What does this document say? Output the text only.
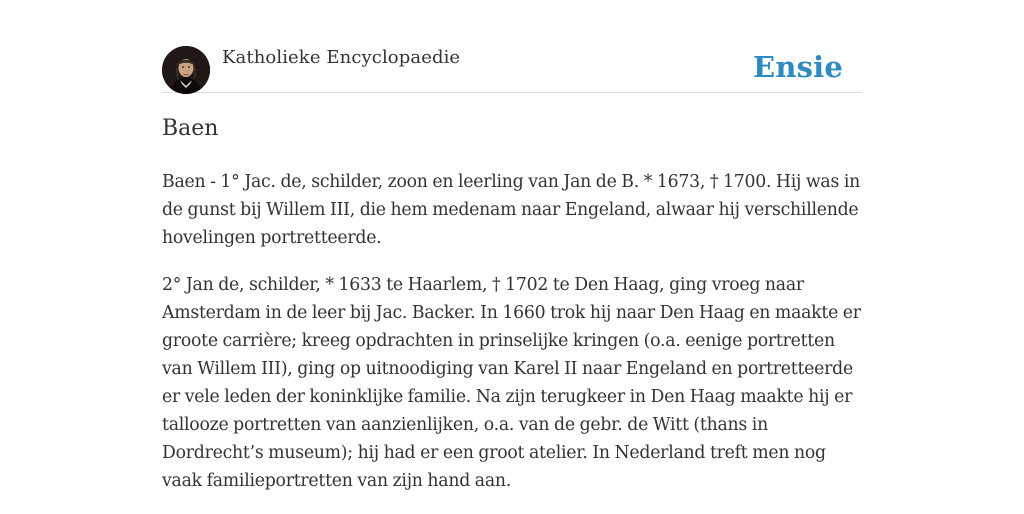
Katholieke Encyclopaedie	Ensie
Baen

Baen - 1° Jac. de, schilder, zoon en leerling van Jan de B. * 1673, † 1700. Hij was in de gunst bij Willem III, die hem medenam naar Engeland, alwaar hij verschillende hovelingen portretteerde.

2° Jan de, schilder, * 1633 te Haarlem, † 1702 te Den Haag, ging vroeg naar Amsterdam in de leer bij Jac. Backer. In 1660 trok hij naar Den Haag en maakte er groote carrière; kreeg opdrachten in prinselijke kringen (o.a. eenige portretten van Willem III), ging op uitnoodiging van Karel II naar Engeland en portretteerde er vele leden der koninklijke familie. Na zijn terugkeer in Den Haag maakte hij er tallooze portretten van aanzienlijken, o.a. van de gebr. de Witt (thans in Dordrecht’s museum); hij had er een groot atelier. In Nederland treft men nog vaak familieportretten van zijn hand aan.
